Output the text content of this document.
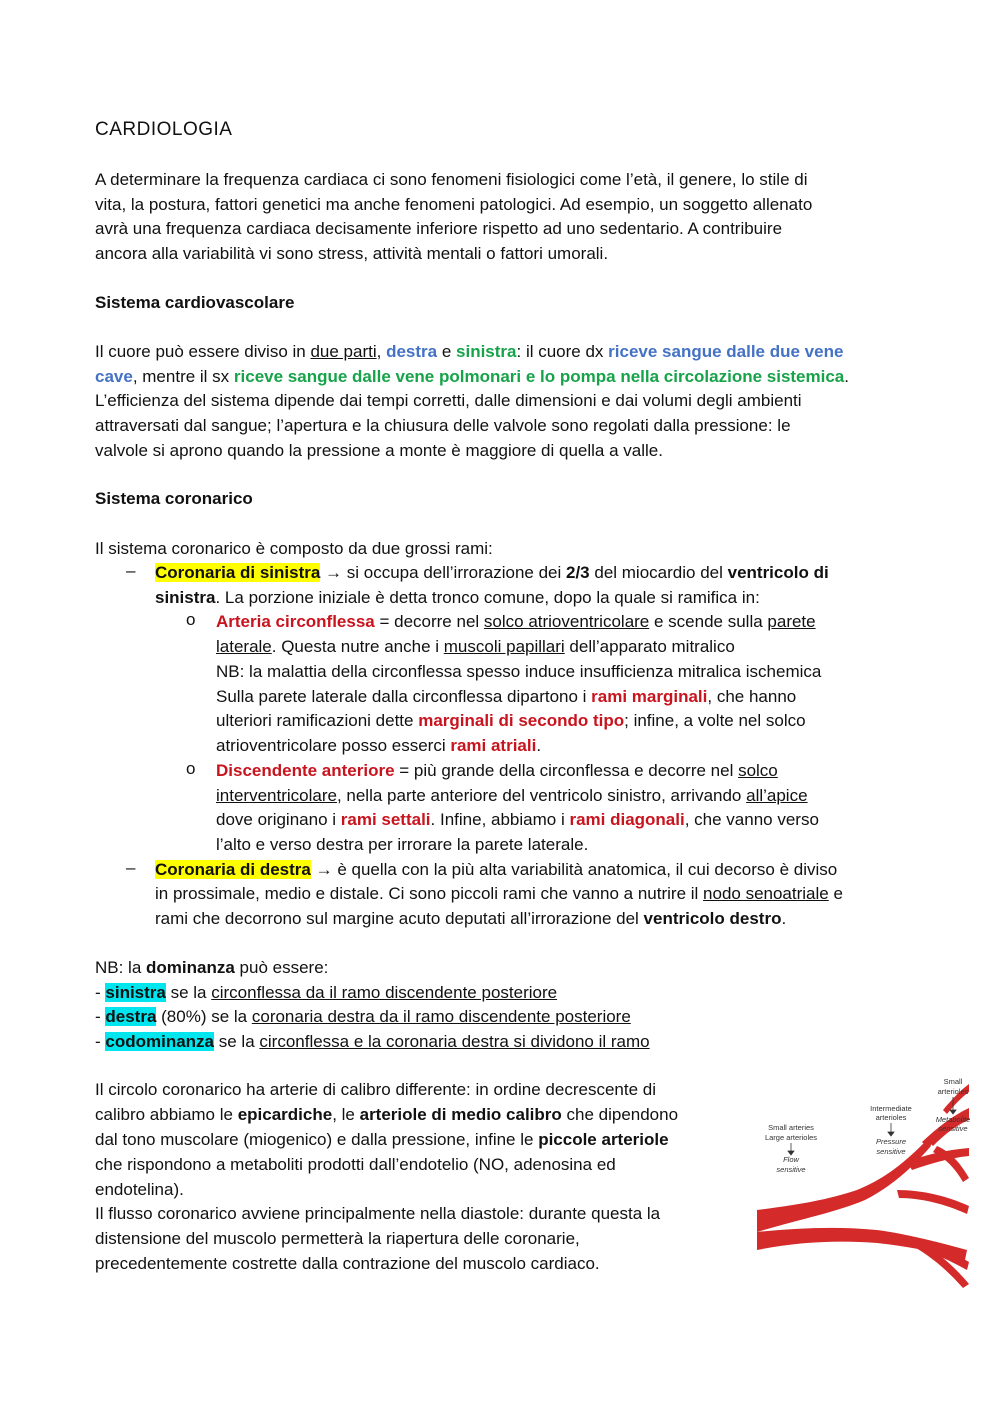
CARDIOLOGIA

A determinare la frequenza cardiaca ci sono fenomeni fisiologici come l’età, il genere, lo stile di

vita, la postura, fattori genetici ma anche fenomeni patologici. Ad esempio, un soggetto allenato

avrà una frequenza cardiaca decisamente inferiore rispetto ad uno sedentario. A contribuire

ancora alla variabilità vi sono stress, attività mentali o fattori umorali.

Sistema cardiovascolare

Il cuore può essere diviso in due parti, destra e sinistra: il cuore dx riceve sangue dalle due vene

cave, mentre il sx riceve sangue dalle vene polmonari e lo pompa nella circolazione sistemica.

L’efficienza del sistema dipende dai tempi corretti, dalle dimensioni e dai volumi degli ambienti

attraversati dal sangue; l’apertura e la chiusura delle valvole sono regolati dalla pressione: le

valvole si aprono quando la pressione a monte è maggiore di quella a valle.

Sistema coronarico

Il sistema coronarico è composto da due grossi rami:

– Coronaria di sinistra → si occupa dell’irrorazione dei 2/3 del miocardio del ventricolo di
sinistra. La porzione iniziale è detta tronco comune, dopo la quale si ramifica in:
o Arteria circonflessa = decorre nel solco atrioventricolare e scende sulla parete
laterale. Questa nutre anche i muscoli papillari dell’apparato mitralico
NB: la malattia della circonflessa spesso induce insufficienza mitralica ischemica
Sulla parete laterale dalla circonflessa dipartono i rami marginali, che hanno
ulteriori ramificazioni dette marginali di secondo tipo; infine, a volte nel solco
atrioventricolare posso esserci rami atriali.
o Discendente anteriore = più grande della circonflessa e decorre nel solco
interventricolare, nella parte anteriore del ventricolo sinistro, arrivando all’apice
dove originano i rami settali. Infine, abbiamo i rami diagonali, che vanno verso
l’alto e verso destra per irrorare la parete laterale.
– Coronaria di destra → è quella con la più alta variabilità anatomica, il cui decorso è diviso
in prossimale, medio e distale. Ci sono piccoli rami che vanno a nutrire il nodo senoatriale e
rami che decorrono sul margine acuto deputati all’irrorazione del ventricolo destro.

NB: la dominanza può essere:

- sinistra se la circonflessa da il ramo discendente posteriore

- destra (80%) se la coronaria destra da il ramo discendente posteriore

- codominanza se la circonflessa e la coronaria destra si dividono il ramo

Il circolo coronarico ha arterie di calibro differente: in ordine decrescente di

calibro abbiamo le epicardiche, le arteriole di medio calibro che dipendono

dal tono muscolare (miogenico) e dalla pressione, infine le piccole arteriole

che rispondono a metaboliti prodotti dall’endotelio (NO, adenosina ed

endotelina).

Il flusso coronarico avviene principalmente nella diastole: durante questa la

distensione del muscolo permetterà la riapertura delle coronarie,

precedentemente costrette dalla contrazione del muscolo cardiaco.

Small arteries
Large arterioles
Flow
sensitive
Intermediate
arterioles
Pressure
sensitive
Small
arterioles
Metabolite
sensitive
